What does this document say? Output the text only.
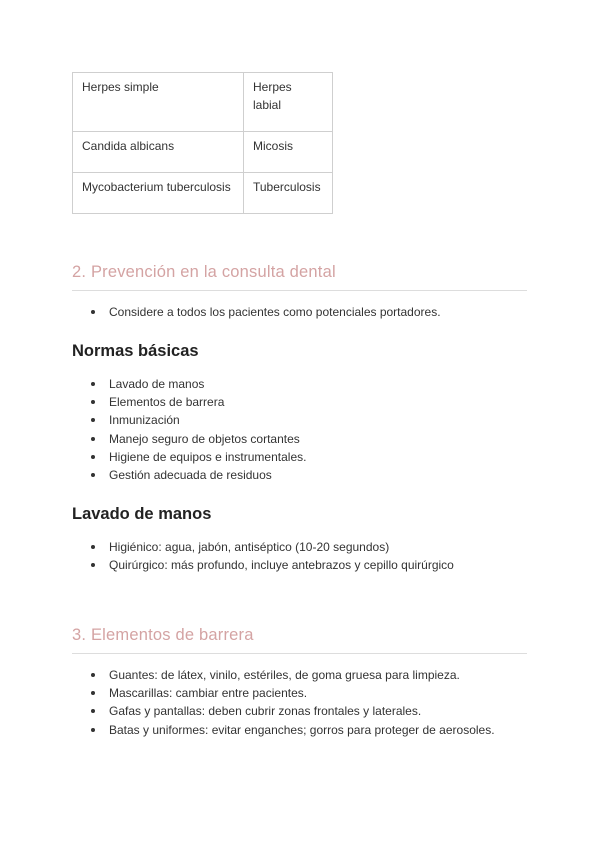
Herpes simple	Herpes labial
Candida albicans	Micosis
Mycobacterium tuberculosis	Tuberculosis
2. Prevención en la consulta dental
Considere a todos los pacientes como potenciales portadores.
Normas básicas
Lavado de manos
Elementos de barrera
Inmunización
Manejo seguro de objetos cortantes
Higiene de equipos e instrumentales.
Gestión adecuada de residuos
Lavado de manos
Higiénico: agua, jabón, antiséptico (10-20 segundos)
Quirúrgico: más profundo, incluye antebrazos y cepillo quirúrgico
3. Elementos de barrera
Guantes: de látex, vinilo, estériles, de goma gruesa para limpieza.
Mascarillas: cambiar entre pacientes.
Gafas y pantallas: deben cubrir zonas frontales y laterales.
Batas y uniformes: evitar enganches; gorros para proteger de aerosoles.
